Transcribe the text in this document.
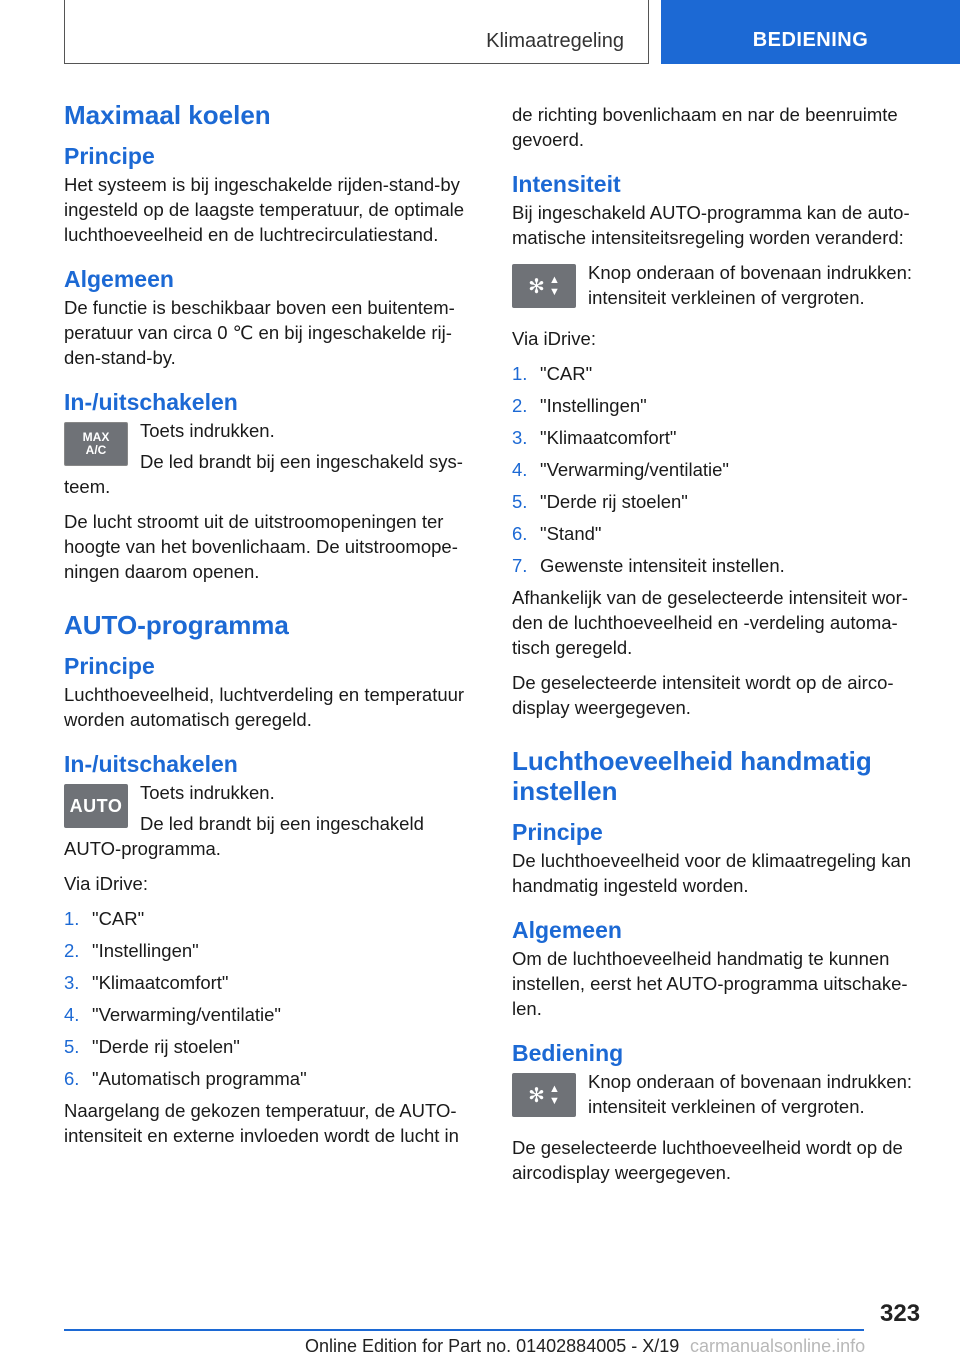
Klimaatregeling	BEDIENING
Maximaal koelen
Principe

Het systeem is bij ingeschakelde rijden-stand-by ingesteld op de laagste temperatuur, de optimale luchthoeveelheid en de luchtrecirculatiestand.

Algemeen

De functie is beschikbaar boven een buitentem-peratuur van circa 0 ℃ en bij ingeschakelde rij-den-stand-by.

In-/uitschakelen
MAX
A/C

Toets indrukken.

De led brandt bij een ingeschakeld sys-

teem.

De lucht stroomt uit de uitstroomopeningen ter hoogte van het bovenlichaam. De uitstroomope-ningen daarom openen.

AUTO-programma
Principe

Luchthoeveelheid, luchtverdeling en temperatuur worden automatisch geregeld.

In-/uitschakelen
AUTO

Toets indrukken.

De led brandt bij een ingeschakeld

AUTO-programma.

Via iDrive:

1. "CAR"
2. "Instellingen"
3. "Klimaatcomfort"
4. "Verwarming/ventilatie"
5. "Derde rij stoelen"
6. "Automatisch programma"

Naargelang de gekozen temperatuur, de AUTO-intensiteit en externe invloeden wordt de lucht in

de richting bovenlichaam en nar de beenruimte gevoerd.

Intensiteit

Bij ingeschakeld AUTO-programma kan de auto-matische intensiteitsregeling worden veranderd:

✻ ▲
▼

Knop onderaan of bovenaan indrukken: intensiteit verkleinen of vergroten.

Via iDrive:

1. "CAR"
2. "Instellingen"
3. "Klimaatcomfort"
4. "Verwarming/ventilatie"
5. "Derde rij stoelen"
6. "Stand"
7. Gewenste intensiteit instellen.

Afhankelijk van de geselecteerde intensiteit wor-den de luchthoeveelheid en -verdeling automa-tisch geregeld.

De geselecteerde intensiteit wordt op de airco-display weergegeven.

Luchthoeveelheid handmatig instellen
Principe

De luchthoeveelheid voor de klimaatregeling kan handmatig ingesteld worden.

Algemeen

Om de luchthoeveelheid handmatig te kunnen instellen, eerst het AUTO-programma uitschake-len.

Bediening
✻ ▲
▼

Knop onderaan of bovenaan indrukken: intensiteit verkleinen of vergroten.

De geselecteerde luchthoeveelheid wordt op de aircodisplay weergegeven.

323
Online Edition for Part no. 01402884005 - X/19 carmanualsonline.info
